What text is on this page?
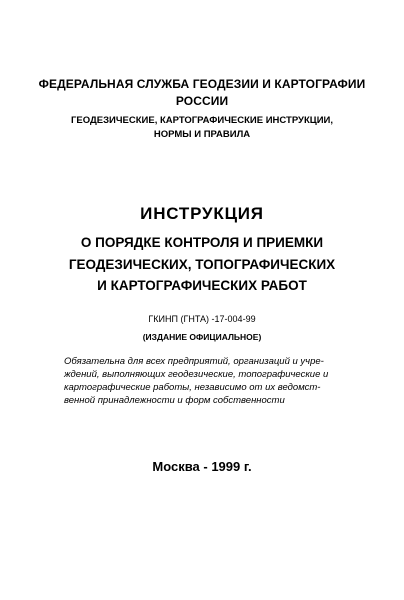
ФЕДЕРАЛЬНАЯ СЛУЖБА ГЕОДЕЗИИ И КАРТОГРАФИИ
РОССИИ

ГЕОДЕЗИЧЕСКИЕ, КАРТОГРАФИЧЕСКИЕ ИНСТРУКЦИИ,
НОРМЫ И ПРАВИЛА

ИНСТРУКЦИЯ

О ПОРЯДКЕ КОНТРОЛЯ И ПРИЕМКИ
ГЕОДЕЗИЧЕСКИХ, ТОПОГРАФИЧЕСКИХ
И КАРТОГРАФИЧЕСКИХ РАБОТ

ГКИНП (ГНТА) -17-004-99

(ИЗДАНИЕ ОФИЦИАЛЬНОЕ)

Обязательна для всех предприятий, организаций и учре-
ждений, выполняющих геодезические, топографические и
картографические работы, независимо от их ведомст-
венной принадлежности и форм собственности

Москва - 1999 г.
